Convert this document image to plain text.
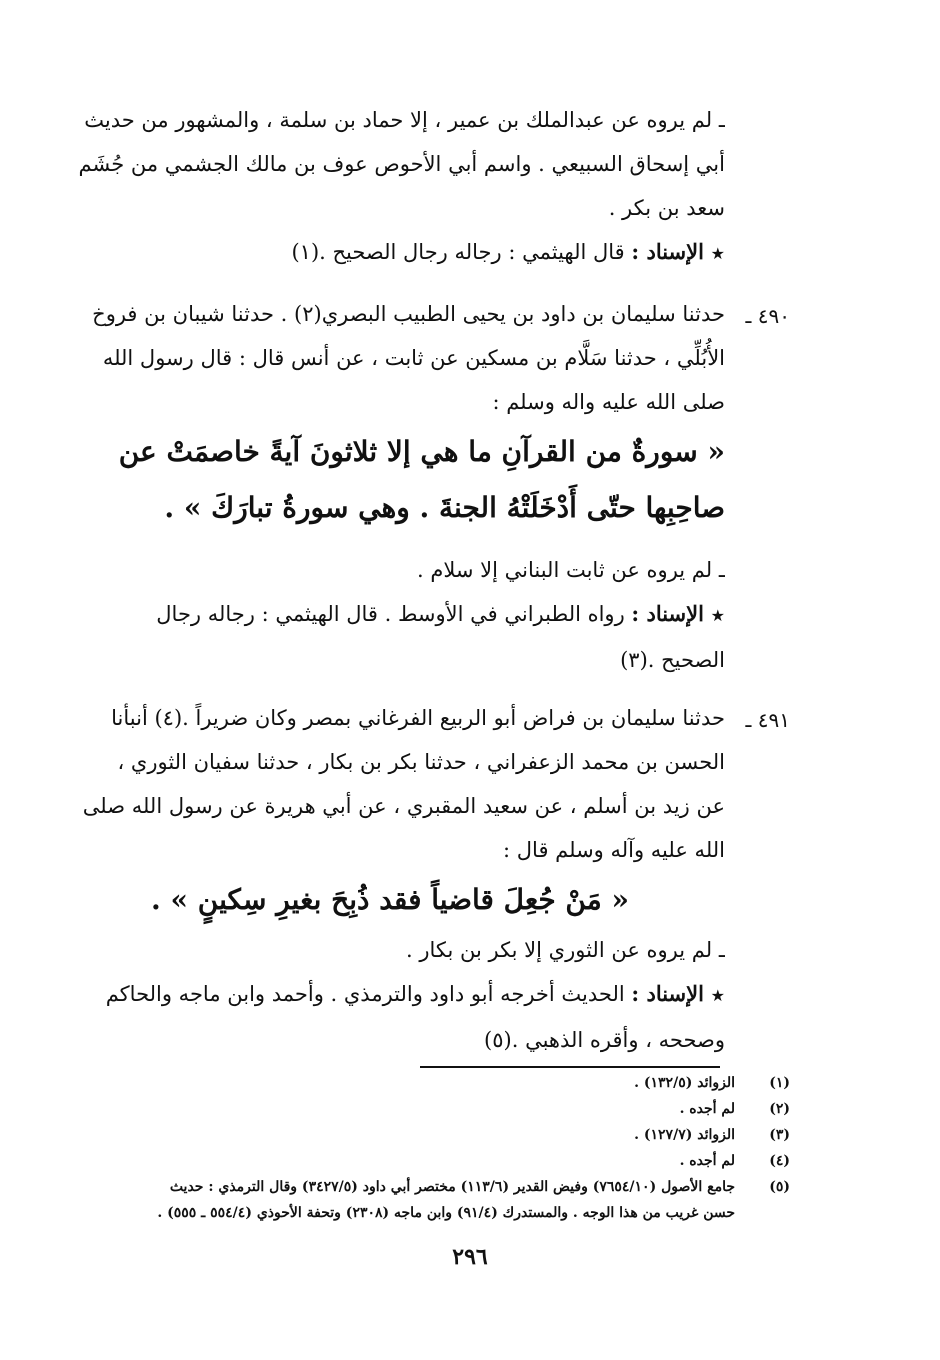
ـ لم يروه عن عبدالملك بن عمير ، إلا حماد بن سلمة ، والمشهور من حديث
أبي إسحاق السبيعي . واسم أبي الأحوص عوف بن مالك الجشمي من جُشَم
سعد بن بكر .
★ الإسناد : قال الهيثمي : رجاله رجال الصحيح .(١)
٤٩٠ ـ
حدثنا سليمان بن داود بن يحيى الطبيب البصري(٢) . حدثنا شيبان بن فروخ
الأُبُلِّي ، حدثنا سَلَّام بن مسكين عن ثابت ، عن أنس قال : قال رسول الله
صلى الله عليه واله وسلم :
« سورةٌ من القرآنِ ما هي إلا ثلاثونَ آيةً خاصمَتْ عن
صاحِبِها حتّى أَدْخَلَتْهُ الجنةَ . وهي سورةُ تبارَكَ » .
ـ لم يروه عن ثابت البناني إلا سلام .
★ الإسناد : رواه الطبراني في الأوسط . قال الهيثمي : رجاله رجال
الصحيح .(٣)
٤٩١ ـ
حدثنا سليمان بن فراض أبو الربيع الفرغاني بمصر وكان ضريراً .(٤) أنبأنا
الحسن بن محمد الزعفراني ، حدثنا بكر بن بكار ، حدثنا سفيان الثوري ،
عن زيد بن أسلم ، عن سعيد المقبري ، عن أبي هريرة عن رسول الله صلى
الله عليه وآله وسلم قال :
« مَنْ جُعِلَ قاضياً فقد ذُبِحَ بغيرِ سِكينٍ » .
ـ لم يروه عن الثوري إلا بكر بن بكار .
★ الإسناد : الحديث أخرجه أبو داود والترمذي . وأحمد وابن ماجه والحاكم
وصححه ، وأقره الذهبي .(٥)
(١)
الزوائد (١٣٢/٥) .
(٢)
لم أجده .
(٣)
الزوائد (١٢٧/٧) .
(٤)
لم أجده .
(٥)
جامع الأصول (٧٦٥٤/١٠) وفيض القدير (١١٣/٦) مختصر أبي داود (٣٤٢٧/٥) وقال الترمذي : حديث
حسن غريب من هذا الوجه . والمستدرك (٩١/٤) وابن ماجه (٢٣٠٨) وتحفة الأحوذي (٥٥٤/٤ ـ ٥٥٥) .
٢٩٦
